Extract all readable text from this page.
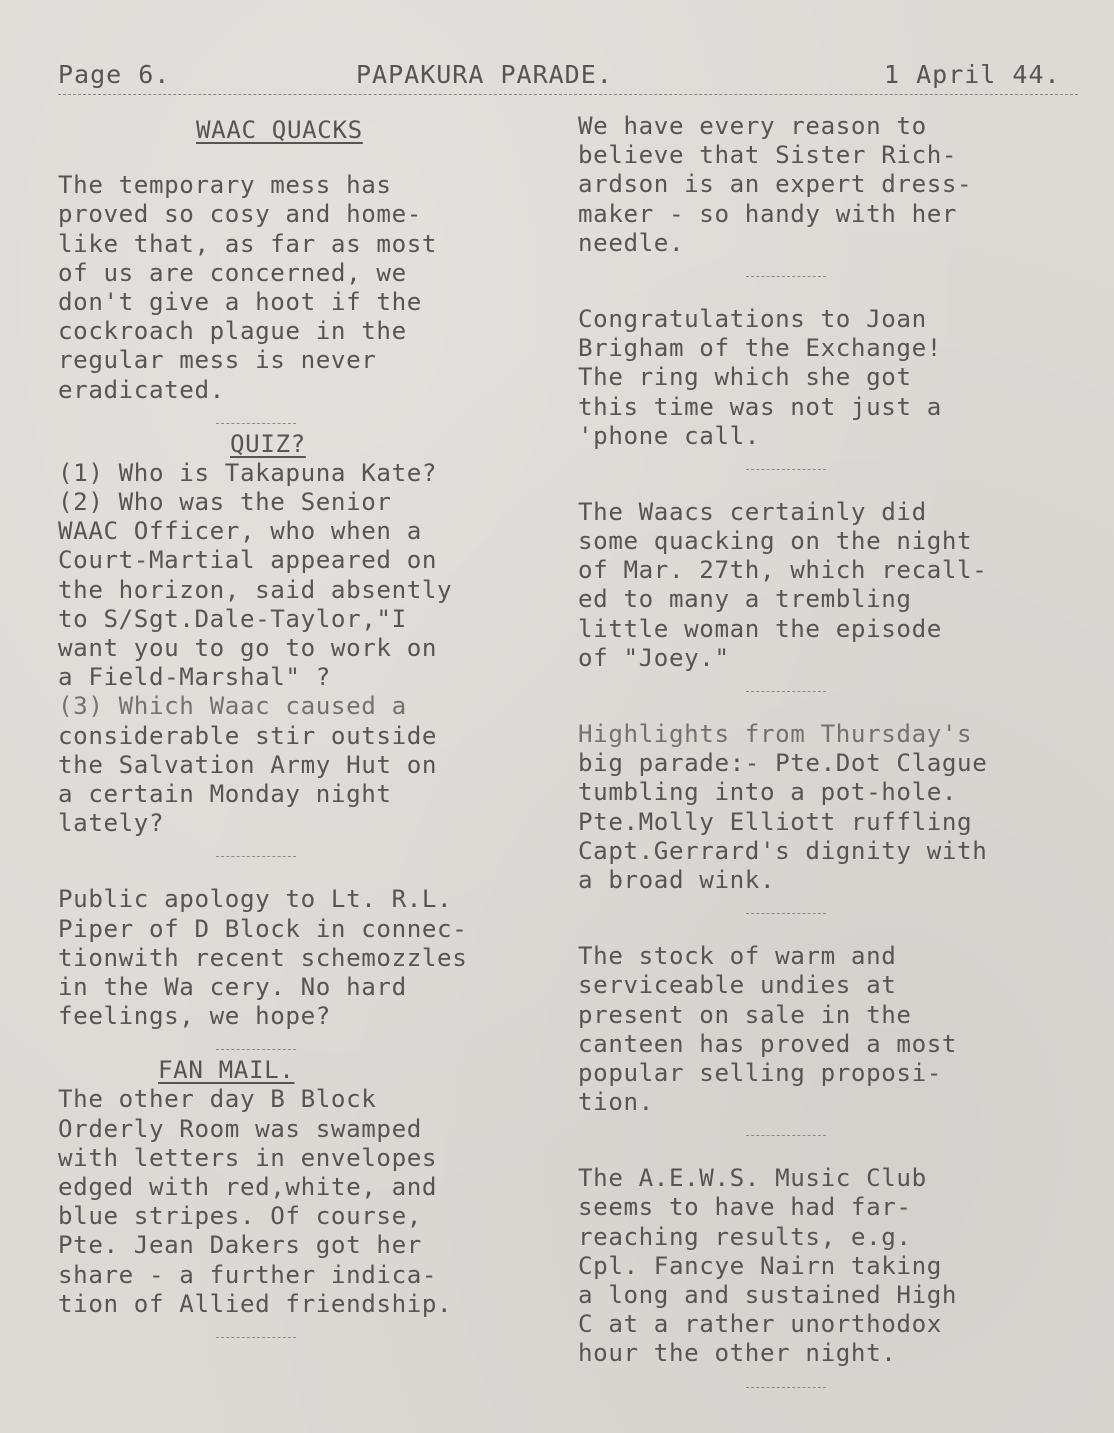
Page 6.	PAPAKURA PARADE.	1 April 44.
WAAC QUACKS
The temporary mess has
proved so cosy and home-
like that, as far as most
of us are concerned, we
don't give a hoot if the
cockroach plague in the
regular mess is never
eradicated.
QUIZ?
(1) Who is Takapuna Kate?
(2) Who was the Senior
WAAC Officer, who when a
Court-Martial appeared on
the horizon, said absently
to S/Sgt.Dale-Taylor,"I
want you to go to work on
a Field-Marshal" ?
(3) Which Waac caused a
considerable stir outside
the Salvation Army Hut on
a certain Monday night
lately?
Public apology to Lt. R.L.
Piper of D Block in connec-
tionwith recent schemozzles
in the Wa cery. No hard
feelings, we hope?
FAN MAIL.
The other day B Block
Orderly Room was swamped
with letters in envelopes
edged with red,white, and
blue stripes. Of course,
Pte. Jean Dakers got her
share - a further indica-
tion of Allied friendship.
We have every reason to
believe that Sister Rich-
ardson is an expert dress-
maker - so handy with her
needle.
Congratulations to Joan
Brigham of the Exchange!
The ring which she got
this time was not just a
'phone call.
The Waacs certainly did
some quacking on the night
of Mar. 27th, which recall-
ed to many a trembling
little woman the episode
of "Joey."
Highlights from Thursday's
big parade:- Pte.Dot Clague
tumbling into a pot-hole.
Pte.Molly Elliott ruffling
Capt.Gerrard's dignity with
a broad wink.
The stock of warm and
serviceable undies at
present on sale in the
canteen has proved a most
popular selling proposi-
tion.
The A.E.W.S. Music Club
seems to have had far-
reaching results, e.g.
Cpl. Fancye Nairn taking
a long and sustained High
C at a rather unorthodox
hour the other night.
